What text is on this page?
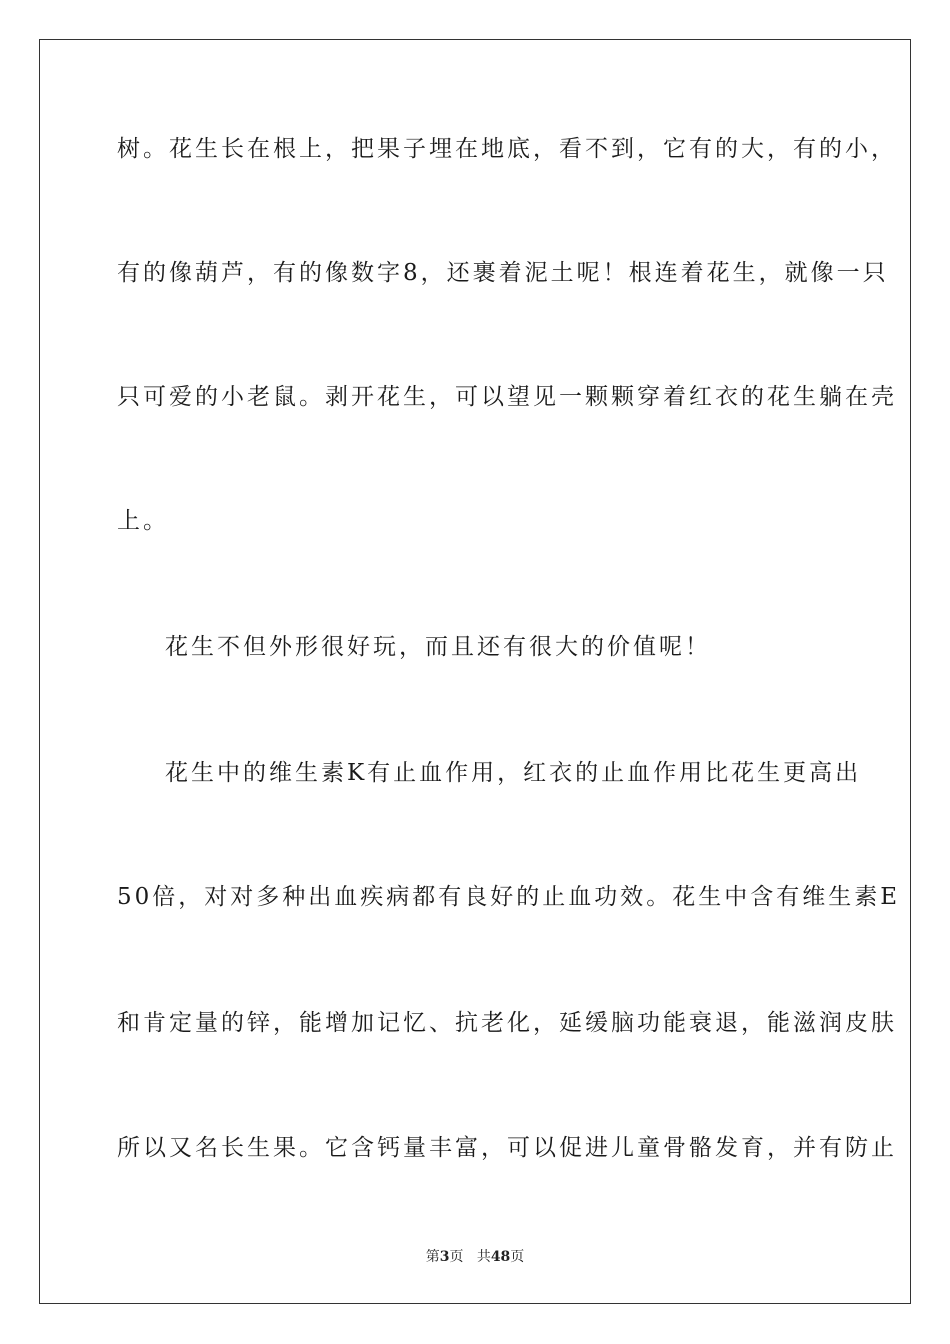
树。花生长在根上，把果子埋在地底，看不到，它有的大，有的小，
有的像葫芦，有的像数字8，还裹着泥土呢！根连着花生，就像一只
只可爱的小老鼠。剥开花生，可以望见一颗颗穿着红衣的花生躺在壳
上。
花生不但外形很好玩，而且还有很大的价值呢！
花生中的维生素K有止血作用，红衣的止血作用比花生更高出
50倍，对对多种出血疾病都有良好的止血功效。花生中含有维生素E
和肯定量的锌，能增加记忆、抗老化，延缓脑功能衰退，能滋润皮肤
所以又名长生果。它含钙量丰富，可以促进儿童骨骼发育，并有防止
第3页 共48页
